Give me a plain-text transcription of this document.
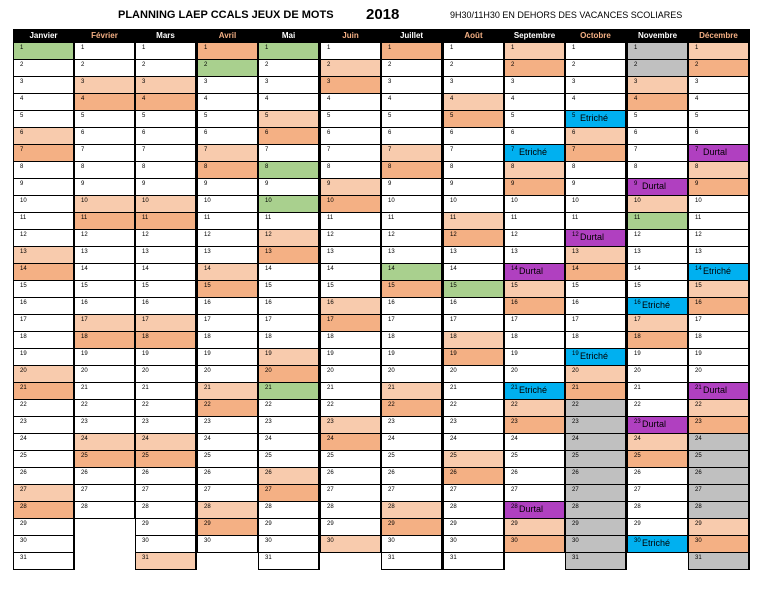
PLANNING LAEP CCALS JEUX DE MOTS 2018	9H30/11H30 EN DEHORS DES VACANCES SCOLIARES
Janvier
1
2
3
4
5
6
7
8
9
10
11
12
13
14
15
16
17
18
19
20
21
22
23
24
25
26
27
28
29
30
31
Février
1
2
3
4
5
6
7
8
9
10
11
12
13
14
15
16
17
18
19
20
21
22
23
24
25
26
27
28
Mars
1
2
3
4
5
6
7
8
9
10
11
12
13
14
15
16
17
18
19
20
21
22
23
24
25
26
27
28
29
30
31
Avril
1
2
3
4
5
6
7
8
9
10
11
12
13
14
15
16
17
18
19
20
21
22
23
24
25
26
27
28
29
30
Mai
1
2
3
4
5
6
7
8
9
10
11
12
13
14
15
16
17
18
19
20
21
22
23
24
25
26
27
28
29
30
31
Juin
1
2
3
4
5
6
7
8
9
10
11
12
13
14
15
16
17
18
19
20
21
22
23
24
25
26
27
28
29
30
Juillet
1
2
3
4
5
6
7
8
9
10
11
12
13
14
15
16
17
18
19
20
21
22
23
24
25
26
27
28
29
30
31
Août
1
2
3
4
5
6
7
8
9
10
11
12
13
14
15
16
17
18
19
20
21
22
23
24
25
26
27
28
29
30
31
Septembre
1
2
3
4
5
6
7 Etriché
8
9
10
11
12
13
14 Durtal
15
16
17
18
19
20
21 Etriché
22
23
24
25
26
27
28 Durtal
29
30
Octobre
1
2
3
4
5 Etriché
6
7
8
9
10
11
12 Durtal
13
14
15
16
17
18
19 Etriché
20
21
22
23
24
25
26
27
28
29
30
31
Novembre
1
2
3
4
5
6
7
8
9 Durtal
10
11
12
13
14
15
16 Etriché
17
18
19
20
21
22
23 Durtal
24
25
26
27
28
29
30 Etriché
Décembre
1
2
3
4
5
6
7 Durtal
8
9
10
11
12
13
14 Etriché
15
16
17
18
19
20
21 Durtal
22
23
24
25
26
27
28
29
30
31
